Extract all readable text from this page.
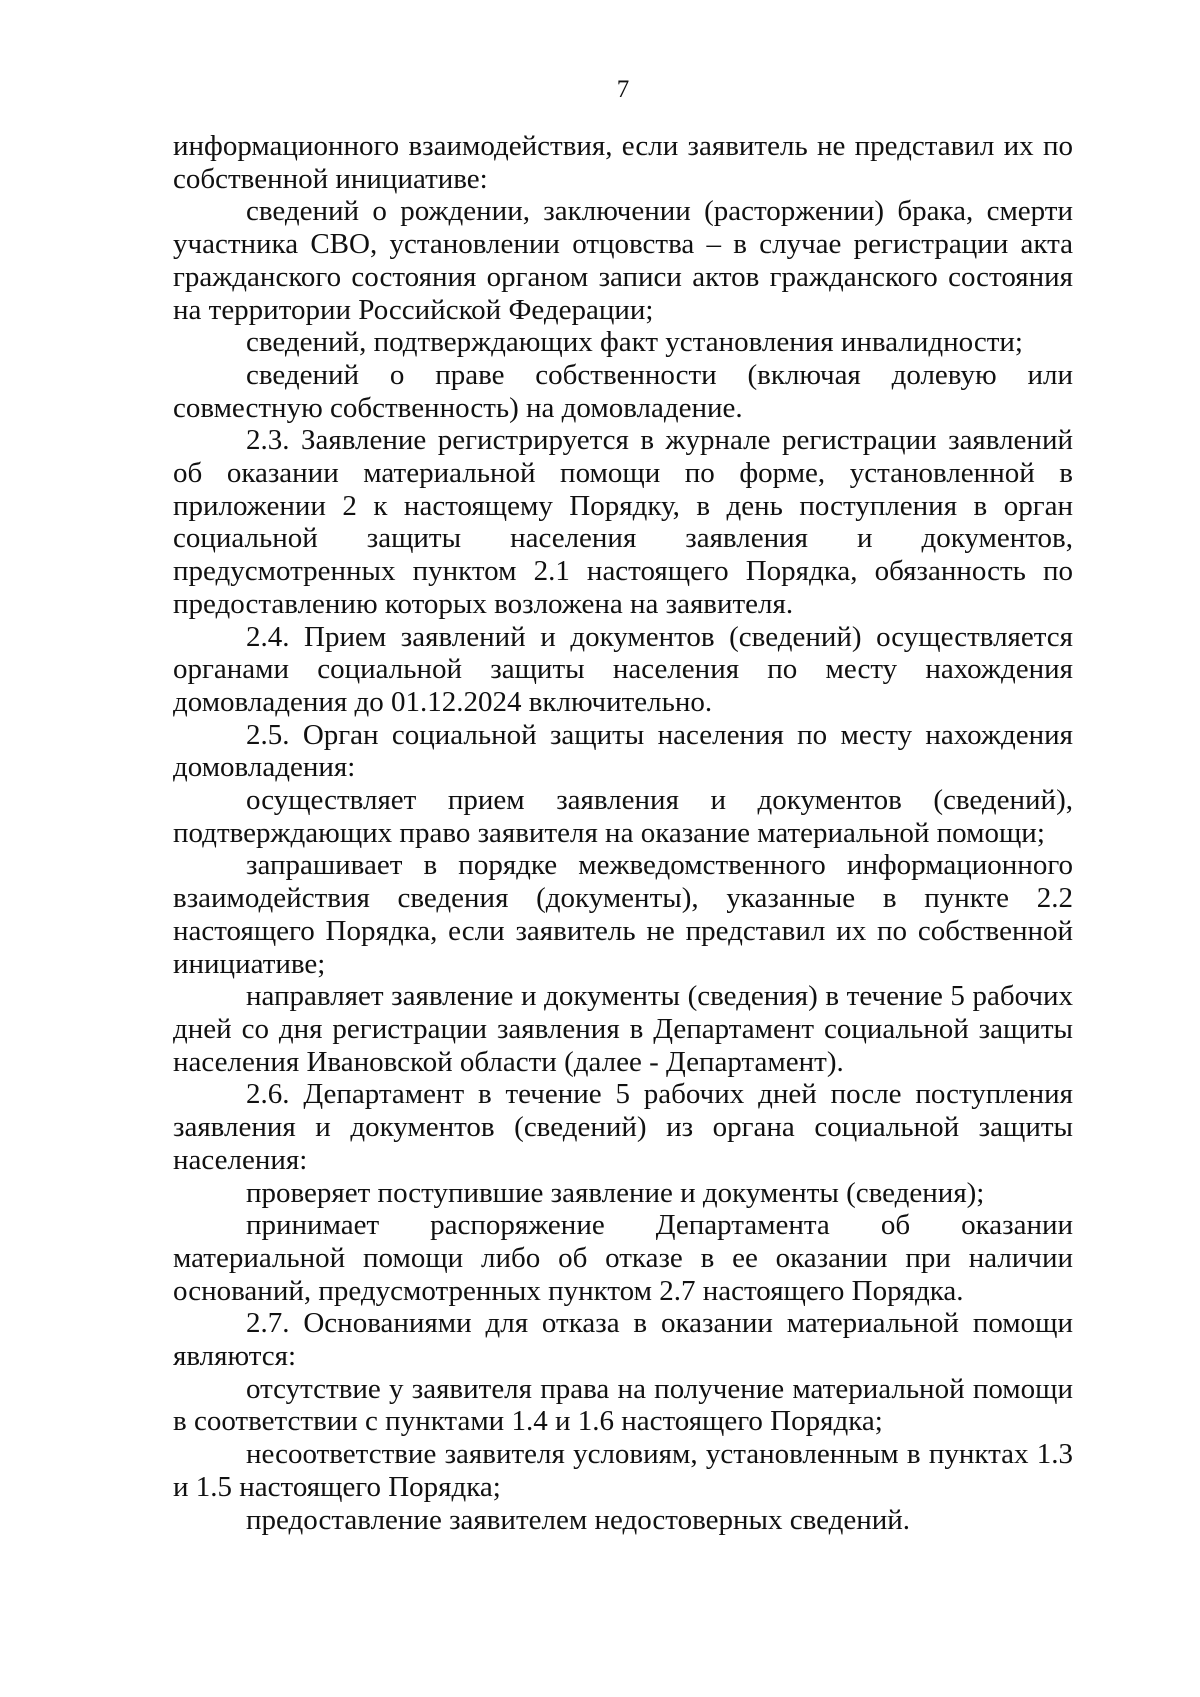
7

информационного взаимодействия, если заявитель не представил их по собственной инициативе:

сведений о рождении, заключении (расторжении) брака, смерти участника СВО, установлении отцовства – в случае регистрации акта гражданского состояния органом записи актов гражданского состояния на территории Российской Федерации;

сведений, подтверждающих факт установления инвалидности;

сведений о праве собственности (включая долевую или совместную собственность) на домовладение.

2.3. Заявление регистрируется в журнале регистрации заявлений об оказании материальной помощи по форме, установленной в приложении 2 к настоящему Порядку, в день поступления в орган социальной защиты населения заявления и документов, предусмотренных пунктом 2.1 настоящего Порядка, обязанность по предоставлению которых возложена на заявителя.

2.4. Прием заявлений и документов (сведений) осуществляется органами социальной защиты населения по месту нахождения домовладения до 01.12.2024 включительно.

2.5. Орган социальной защиты населения по месту нахождения домовладения:

осуществляет прием заявления и документов (сведений), подтверждающих право заявителя на оказание материальной помощи;

запрашивает в порядке межведомственного информационного взаимодействия сведения (документы), указанные в пункте 2.2 настоящего Порядка, если заявитель не представил их по собственной инициативе;

направляет заявление и документы (сведения) в течение 5 рабочих дней со дня регистрации заявления в Департамент социальной защиты населения Ивановской области (далее - Департамент).

2.6. Департамент в течение 5 рабочих дней после поступления заявления и документов (сведений) из органа социальной защиты населения:

проверяет поступившие заявление и документы (сведения);

принимает распоряжение Департамента об оказании материальной помощи либо об отказе в ее оказании при наличии оснований, предусмотренных пунктом 2.7 настоящего Порядка.

2.7. Основаниями для отказа в оказании материальной помощи являются:

отсутствие у заявителя права на получение материальной помощи в соответствии с пунктами 1.4 и 1.6 настоящего Порядка;

несоответствие заявителя условиям, установленным в пунктах 1.3 и 1.5 настоящего Порядка;

предоставление заявителем недостоверных сведений.
